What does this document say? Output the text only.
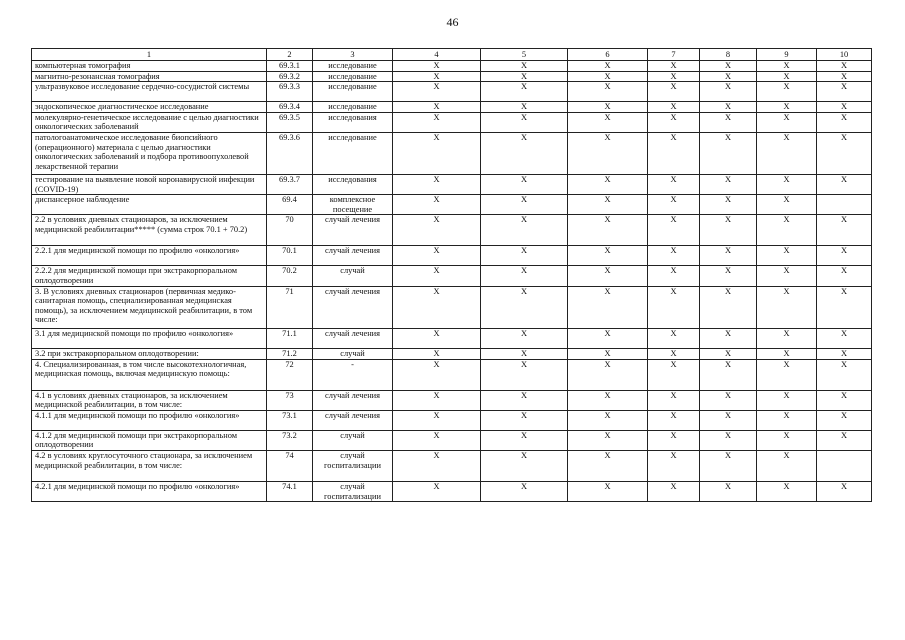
46
1	2	3	4	5	6	7	8	9	10
компьютерная томография	69.3.1	исследование	X	X	X	X	X	X	X
магнитно-резонансная томография	69.3.2	исследование	X	X	X	X	X	X	X
ультразвуковое исследование сердечно-сосудистой системы	69.3.3	исследование	X	X	X	X	X	X	X
эндоскопическое диагностическое исследование	69.3.4	исследование	X	X	X	X	X	X	X
молекулярно-генетическое исследование с целью диагностики онкологических заболеваний	69.3.5	исследования	X	X	X	X	X	X	X
патологоанатомическое исследование биопсийного (операционного) материала с целью диагностики онкологических заболеваний и подбора противоопухолевой лекарственной терапии	69.3.6	исследование	X	X	X	X	X	X	X
тестирование на выявление новой коронавирусной инфекции (COVID-19)	69.3.7	исследования	X	X	X	X	X	X	X
диспансерное наблюдение	69.4	комплексное посещение	X	X	X	X	X	X	
2.2 в условиях дневных стационаров, за исключением медицинской реабилитации***** (сумма строк 70.1 + 70.2)	70	случай лечения	X	X	X	X	X	X	X
2.2.1 для медицинской помощи по профилю «онкология»	70.1	случай лечения	X	X	X	X	X	X	X
2.2.2 для медицинской помощи при экстракорпоральном оплодотворении	70.2	случай	X	X	X	X	X	X	X
3. В условиях дневных стационаров (первичная медико-санитарная помощь, специализированная медицинская помощь), за исключением медицинской реабилитации, в том числе:	71	случай лечения	X	X	X	X	X	X	X
3.1 для медицинской помощи по профилю «онкология»	71.1	случай лечения	X	X	X	X	X	X	X
3.2 при экстракорпоральном оплодотворении:	71.2	случай	X	X	X	X	X	X	X
4. Специализированная, в том числе высокотехнологичная, медицинская помощь, включая медицинскую помощь:	72	-	X	X	X	X	X	X	X
4.1 в условиях дневных стационаров, за исключением медицинской реабилитации, в том числе:	73	случай лечения	X	X	X	X	X	X	X
4.1.1 для медицинской помощи по профилю «онкология»	73.1	случай лечения	X	X	X	X	X	X	X
4.1.2 для медицинской помощи при экстракорпоральном оплодотворении	73.2	случай	X	X	X	X	X	X	X
4.2 в условиях круглосуточного стационара, за исключением медицинской реабилитации, в том числе:	74	случай госпитализации	X	X	X	X	X	X	
4.2.1 для медицинской помощи по профилю «онкология»	74.1	случай госпитализации	X	X	X	X	X	X	X
